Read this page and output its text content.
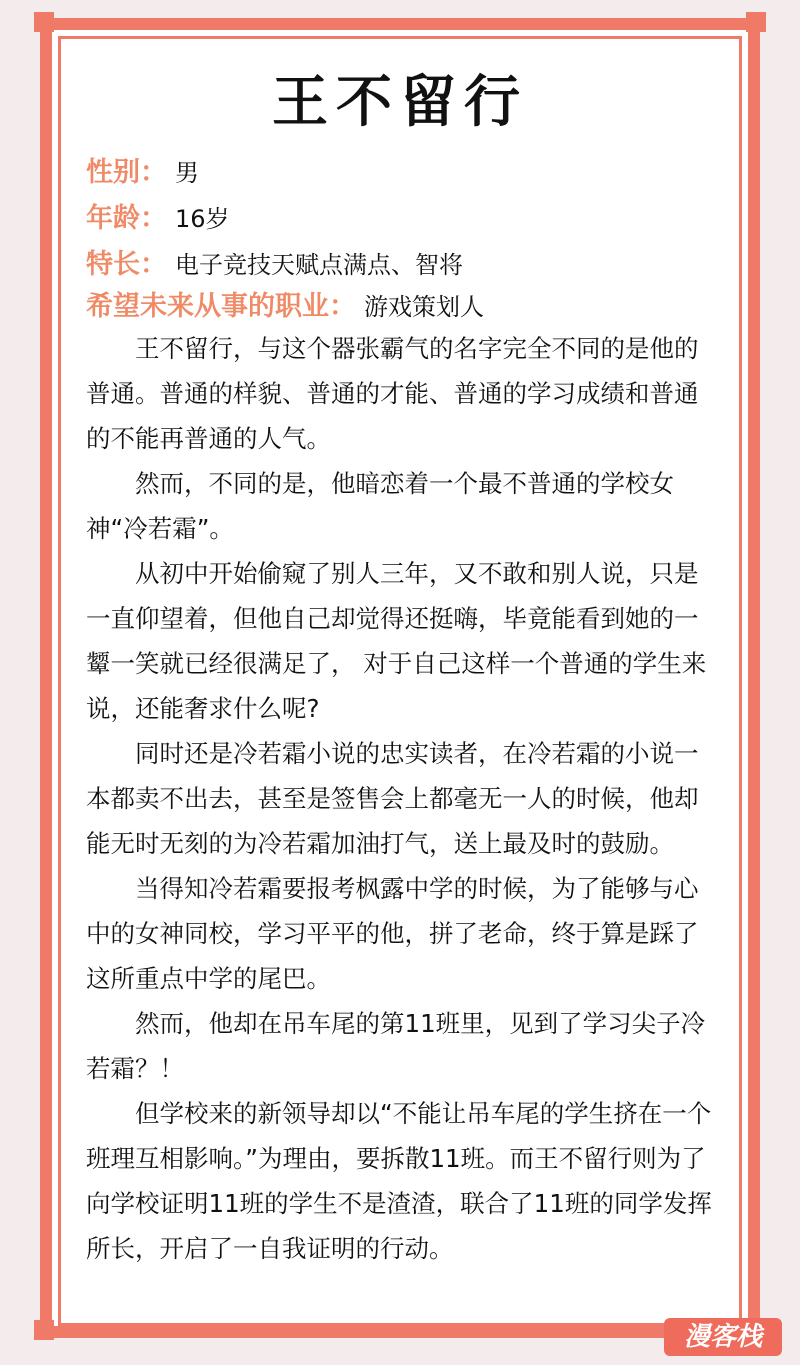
王不留行
性别： 男
年龄： 16岁
特长： 电子竞技天赋点满点、智将
希望未来从事的职业： 游戏策划人

王不留行，与这个器张霸气的名字完全不同的是他的普通。普通的样貌、普通的才能、普通的学习成绩和普通的不能再普通的人气。

然而，不同的是，他暗恋着一个最不普通的学校女神“冷若霜”。

从初中开始偷窥了别人三年，又不敢和别人说，只是一直仰望着，但他自己却觉得还挺嗨，毕竟能看到她的一颦一笑就已经很满足了， 对于自己这样一个普通的学生来说，还能奢求什么呢?

同时还是冷若霜小说的忠实读者，在冷若霜的小说一本都卖不出去，甚至是签售会上都毫无一人的时候，他却能无时无刻的为冷若霜加油打气，送上最及时的鼓励。

当得知冷若霜要报考枫露中学的时候，为了能够与心中的女神同校，学习平平的他，拼了老命，终于算是踩了这所重点中学的尾巴。

然而，他却在吊车尾的第11班里，见到了学习尖子冷若霜？！

但学校来的新领导却以“不能让吊车尾的学生挤在一个班理互相影响。”为理由，要拆散11班。而王不留行则为了向学校证明11班的学生不是渣渣，联合了11班的同学发挥所长，开启了一自我证明的行动。

漫客栈
